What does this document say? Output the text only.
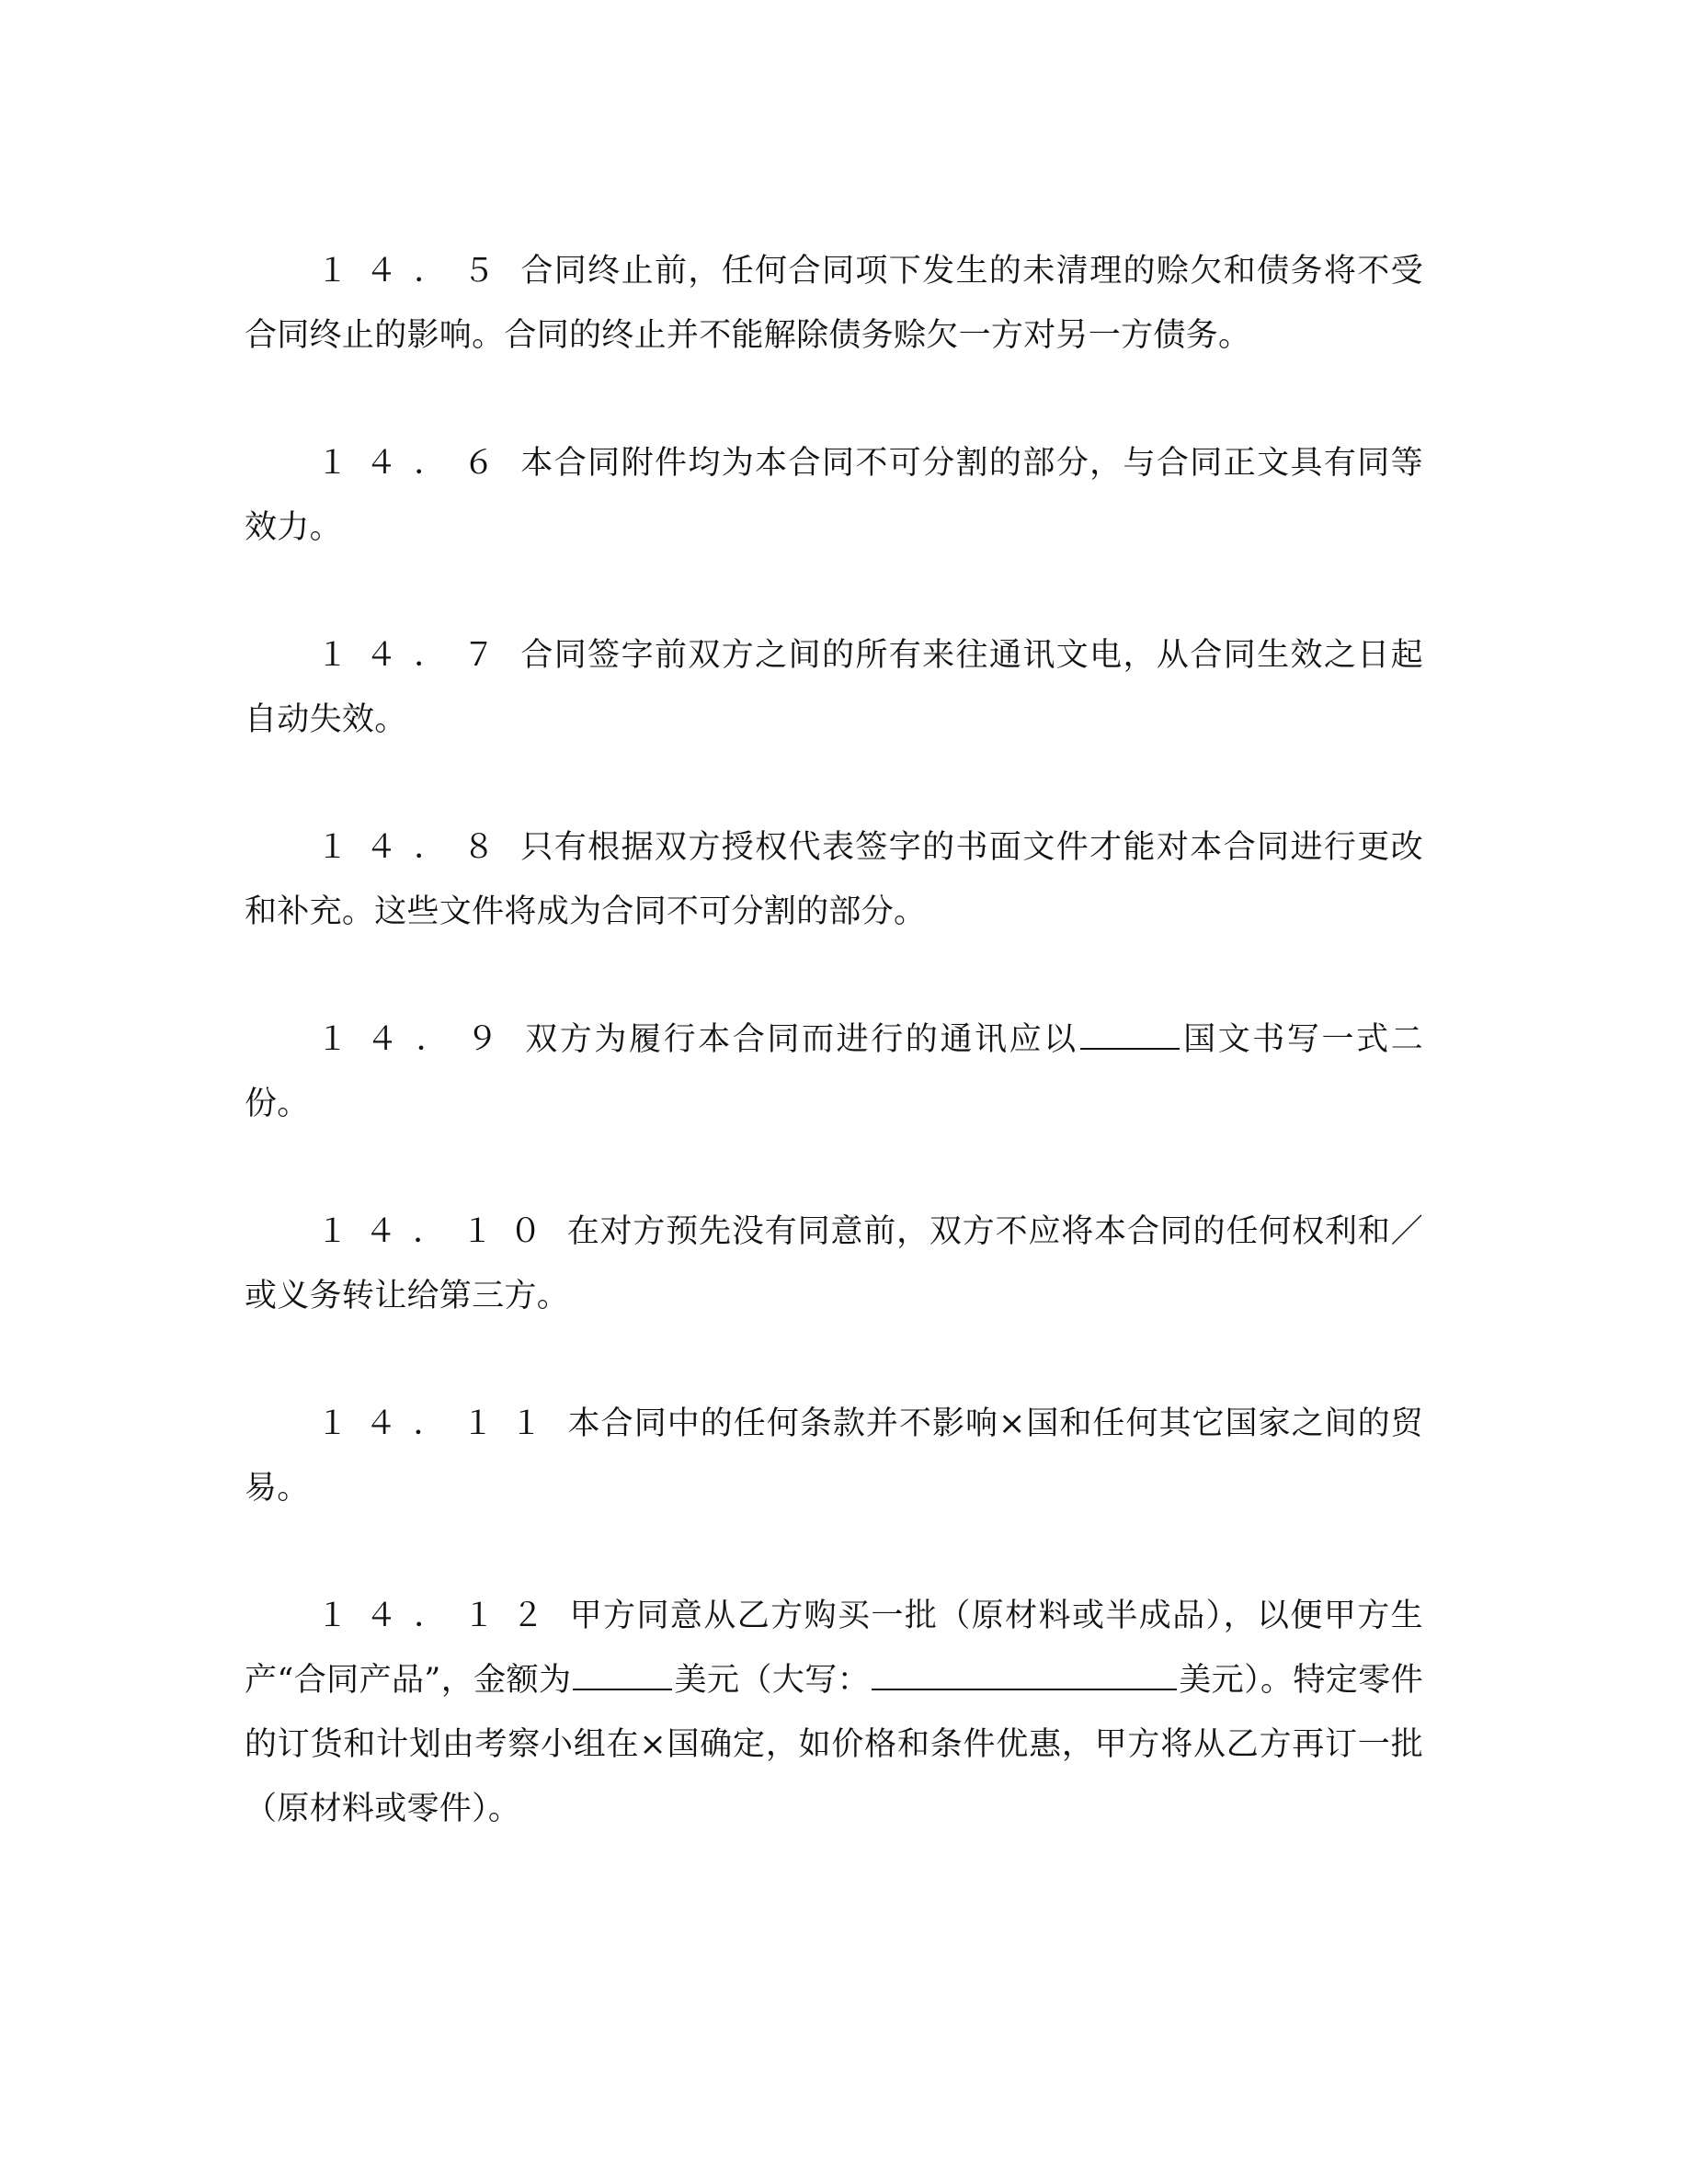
１４．５ 合同终止前，任何合同项下发生的未清理的赊欠和债务将不受合同终止的影响。合同的终止并不能解除债务赊欠一方对另一方债务。

１４．６ 本合同附件均为本合同不可分割的部分，与合同正文具有同等效力。

１４．７ 合同签字前双方之间的所有来往通讯文电，从合同生效之日起自动失效。

１４．８ 只有根据双方授权代表签字的书面文件才能对本合同进行更改和补充。这些文件将成为合同不可分割的部分。

１４．９ 双方为履行本合同而进行的通讯应以	国文书写一式二份。

１４．１０ 在对方预先没有同意前，双方不应将本合同的任何权利和／或义务转让给第三方。

１４．１１ 本合同中的任何条款并不影响×国和任何其它国家之间的贸易。

１４．１２ 甲方同意从乙方购买一批（原材料或半成品），以便甲方生产“合同产品”，金额为	美元（大写：	美元）。特定零件的订货和计划由考察小组在×国确定，如价格和条件优惠，甲方将从乙方再订一批（原材料或零件）。
